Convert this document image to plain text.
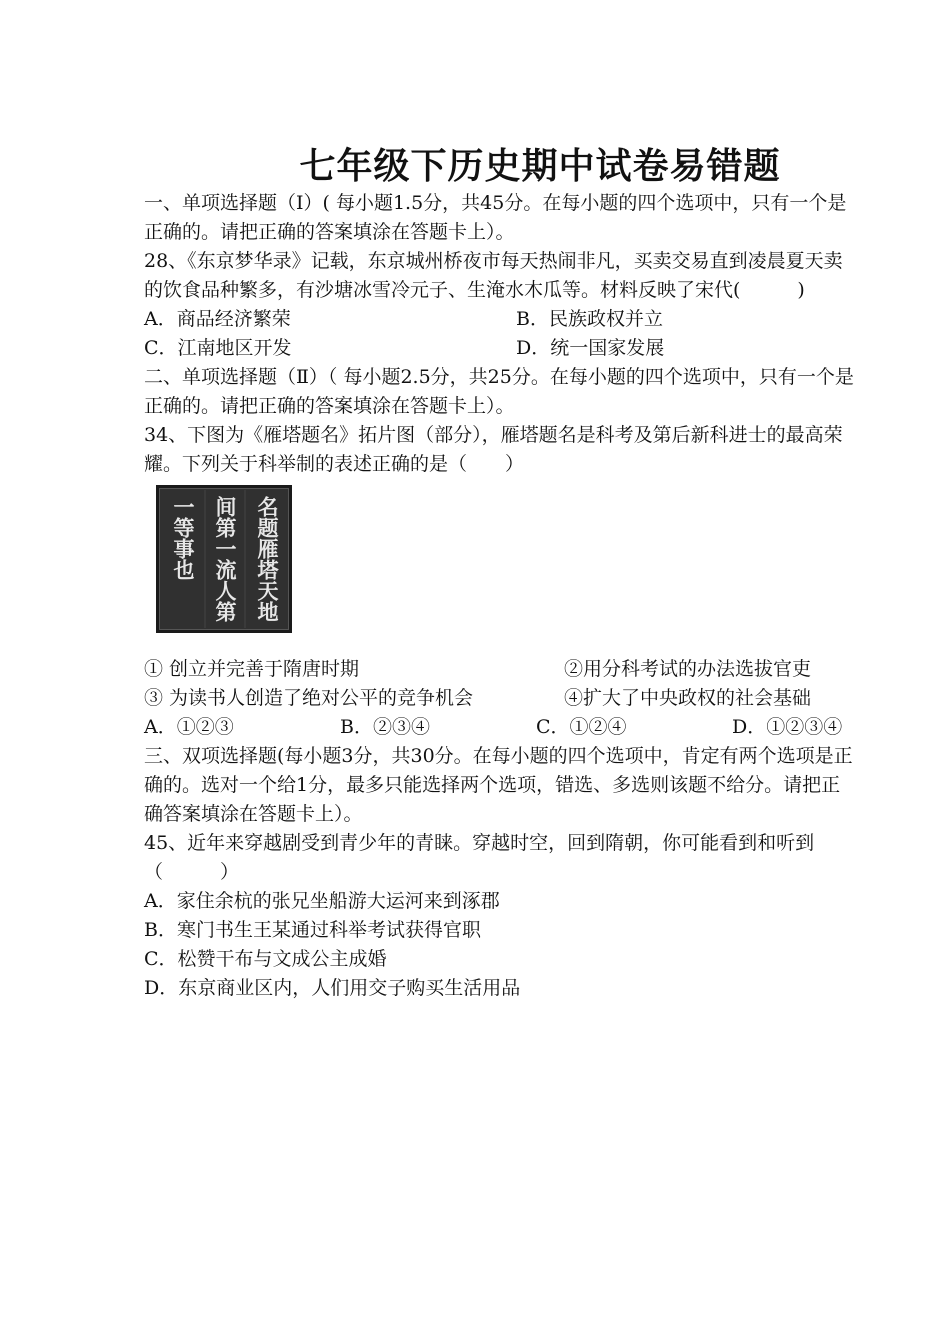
七年级下历史期中试卷易错题

一、单项选择题（Ⅰ）( 每小题1.5分，共45分。在每小题的四个选项中，只有一个是正确的。请把正确的答案填涂在答题卡上）。

28、《东京梦华录》记载，东京城州桥夜市每天热闹非凡，买卖交易直到凌晨夏天卖的饮食品种繁多，有沙塘冰雪冷元子、生淹水木瓜等。材料反映了宋代(　　　)

A．商品经济繁荣	B．民族政权并立
C．江南地区开发	D．统一国家发展

二、单项选择题（Ⅱ）（ 每小题2.5分，共25分。在每小题的四个选项中，只有一个是正确的。请把正确的答案填涂在答题卡上）。

34、下图为《雁塔题名》拓片图（部分），雁塔题名是科考及第后新科进士的最高荣耀。下列关于科举制的表述正确的是（　　）

名题雁塔天地
间第一流人第
一等事也
① 创立并完善于隋唐时期	②用分科考试的办法选拔官吏
③ 为读书人创造了绝对公平的竞争机会	④扩大了中央政权的社会基础
A．①②③	B．②③④	C．①②④	D．①②③④

三、双项选择题(每小题3分，共30分。在每小题的四个选项中，肯定有两个选项是正确的。选对一个给1分，最多只能选择两个选项，错选、多选则该题不给分。请把正确答案填涂在答题卡上）。

45、近年来穿越剧受到青少年的青睐。穿越时空，回到隋朝，你可能看到和听到（　　　）

A．家住余杭的张兄坐船游大运河来到涿郡

B．寒门书生王某通过科举考试获得官职

C．松赞干布与文成公主成婚

D．东京商业区内，人们用交子购买生活用品
